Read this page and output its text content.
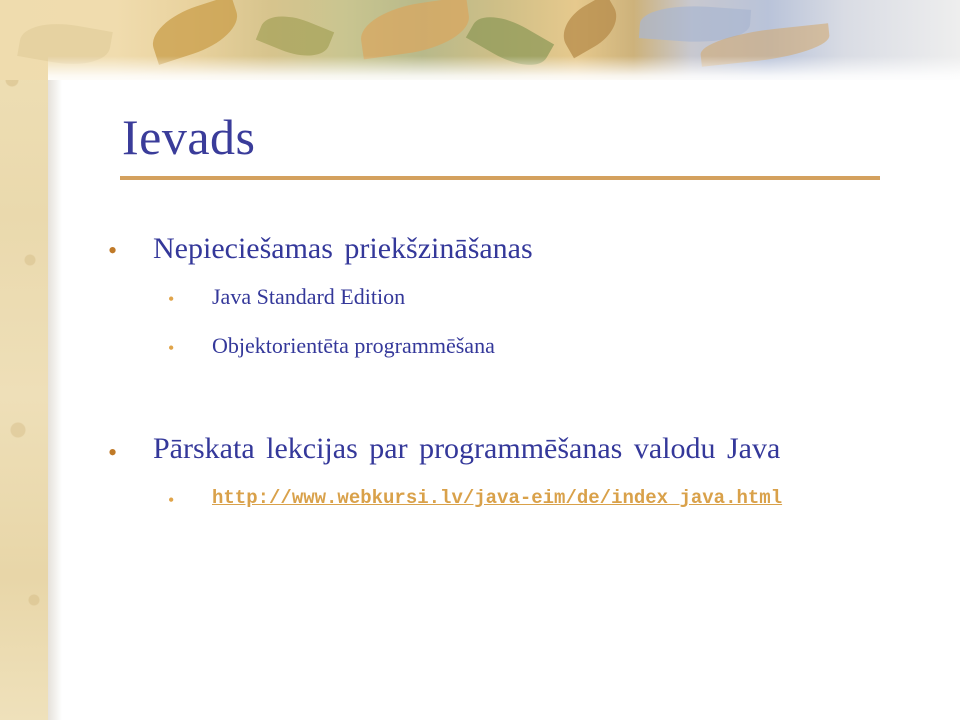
Ievads
• Nepieciešamas priekšzināšanas
• Java Standard Edition
• Objektorientēta programmēšana
• Pārskata lekcijas par programmēšanas valodu Java
• http://www.webkursi.lv/java-eim/de/index_java.html
